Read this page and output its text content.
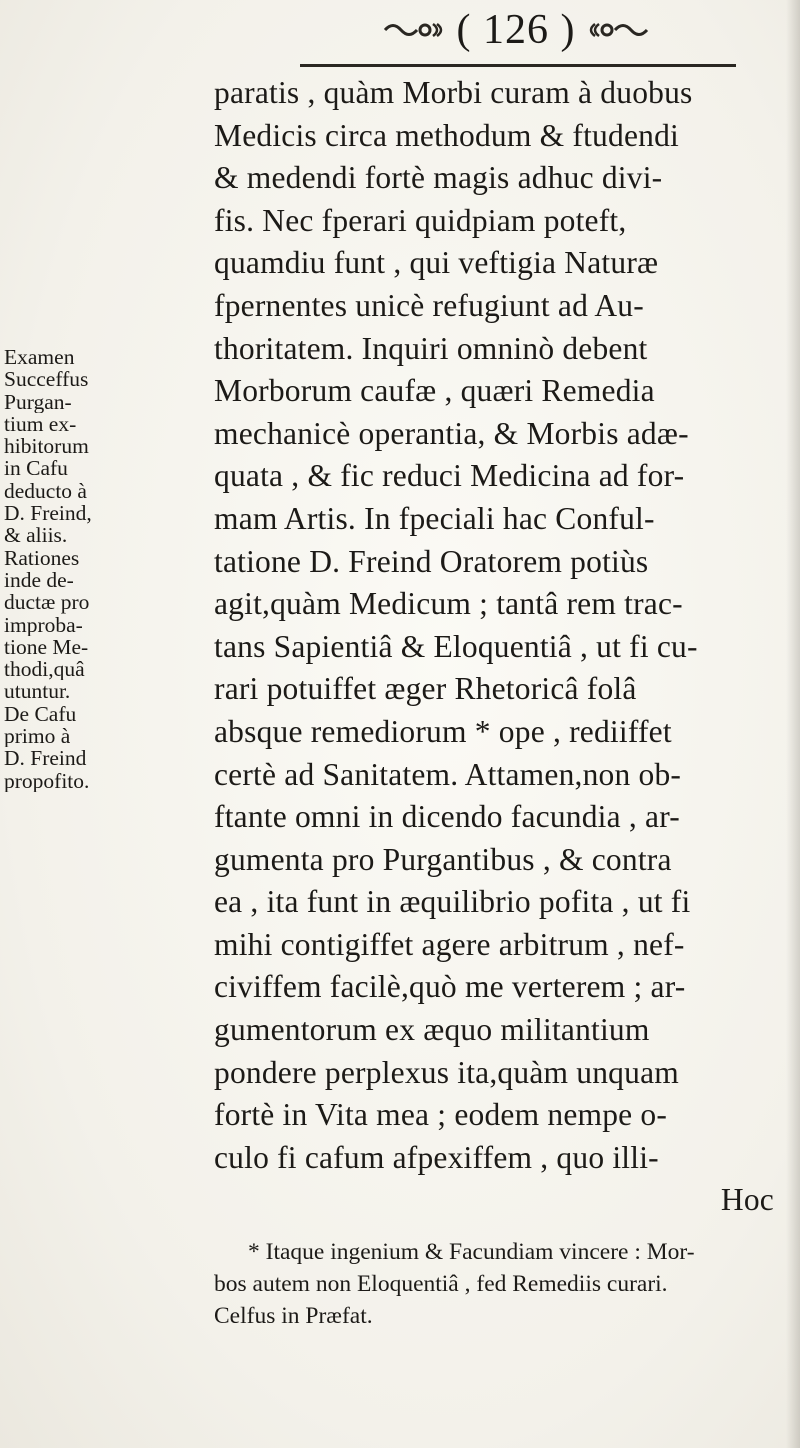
( 126 )
paratis , quàm Morbi curam à duobus
Medicis circa methodum & ftudendi
& medendi fortè magis adhuc divi-
fis. Nec fperari quidpiam poteft,
quamdiu funt , qui veftigia Naturæ
fpernentes unicè refugiunt ad Au-
thoritatem. Inquiri omninò debent
Morborum caufæ , quæri Remedia
mechanicè operantia, & Morbis adæ-
quata , & fic reduci Medicina ad for-
mam Artis. In fpeciali hac Conful-
tatione D. Freind Oratorem potiùs
agit,quàm Medicum ; tantâ rem trac-
tans Sapientiâ & Eloquentiâ , ut fi cu-
rari potuiffet æger Rhetoricâ folâ
absque remediorum * ope , rediiffet
certè ad Sanitatem. Attamen,non ob-
ftante omni in dicendo facundia , ar-
gumenta pro Purgantibus , & contra
ea , ita funt in æquilibrio pofita , ut fi
mihi contigiffet agere arbitrum , nef-
civiffem facilè,quò me verterem ; ar-
gumentorum ex æquo militantium
pondere perplexus ita,quàm unquam
fortè in Vita mea ; eodem nempe o-
culo fi cafum afpexiffem , quo illi-
Hoc
* Itaque ingenium & Facundiam vincere : Mor-
bos autem non Eloquentiâ , fed Remediis curari.
Celfus in Præfat.
Examen
Succeffus
Purgan-
tium ex-
hibitorum
in Cafu
deducto à
D. Freind,
& aliis.
Rationes
inde de-
ductæ pro
improba-
tione Me-
thodi,quâ
utuntur.
De Cafu
primo à
D. Freind
propofito.
